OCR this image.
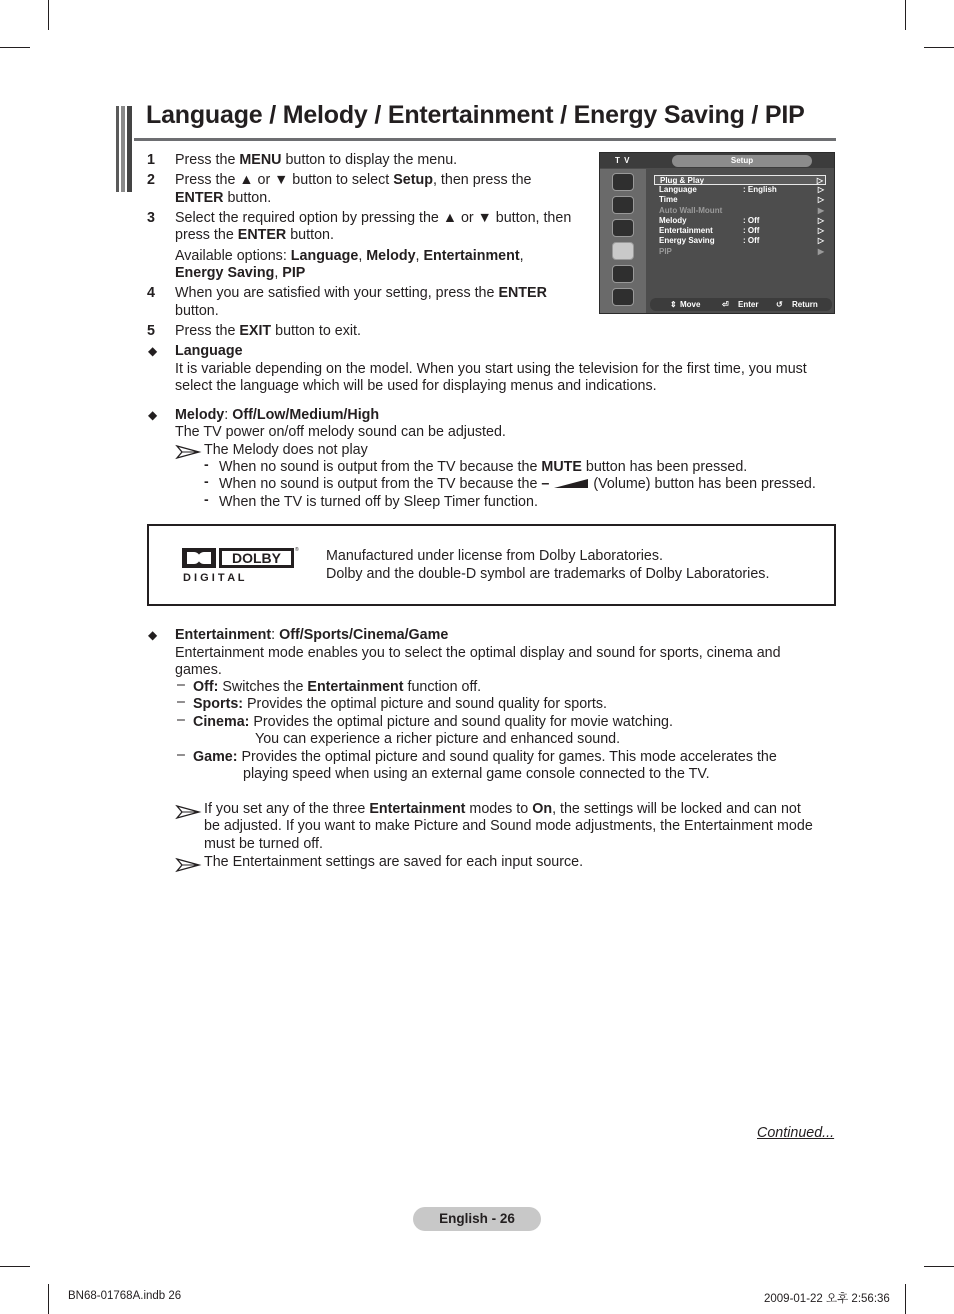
Language / Melody / Entertainment / Energy Saving / PIP
1 Press the MENU button to display the menu.
2 Press the ▲ or ▼ button to select Setup, then press the
ENTER button.
3 Select the required option by pressing the ▲ or ▼ button, then
press the ENTER button.
Available options: Language, Melody, Entertainment,
Energy Saving, PIP
4 When you are satisfied with your setting, press the ENTER
button.
5 Press the EXIT button to exit.
T V	Setup
Plug & Play	▷
Language	: English	▷
Time	▷
Auto Wall-Mount	▶
Melody	: Off	▷
Entertainment	: Off	▷
Energy Saving	: Off	▷
PIP	▶
⇕ Move	⏎ Enter ↺ Return
◆ Language
It is variable depending on the model. When you start using the television for the first time, you must
select the language which will be used for displaying menus and indications.
◆ Melody: Off/Low/Medium/High
The TV power on/off melody sound can be adjusted.
The Melody does not play
- When no sound is output from the TV because the MUTE button has been pressed.
- When no sound is output from the TV because the –	(Volume) button has been pressed.
- When the TV is turned off by Sleep Timer function.
DOLBY	®
D I G I T A L
Manufactured under license from Dolby Laboratories.
Dolby and the double-D symbol are trademarks of Dolby Laboratories.
◆ Entertainment: Off/Sports/Cinema/Game
Entertainment mode enables you to select the optimal display and sound for sports, cinema and
games.
– Off: Switches the Entertainment function off.
– Sports: Provides the optimal picture and sound quality for sports.
– Cinema: Provides the optimal picture and sound quality for movie watching.
You can experience a richer picture and enhanced sound.
– Game: Provides the optimal picture and sound quality for games. This mode accelerates the
playing speed when using an external game console connected to the TV.
If you set any of the three Entertainment modes to On, the settings will be locked and can not
be adjusted. If you want to make Picture and Sound mode adjustments, the Entertainment mode
must be turned off.
The Entertainment settings are saved for each input source.
Continued...
English - 26
BN68-01768A.indb 26	2009-01-22 오후 2:56:36
